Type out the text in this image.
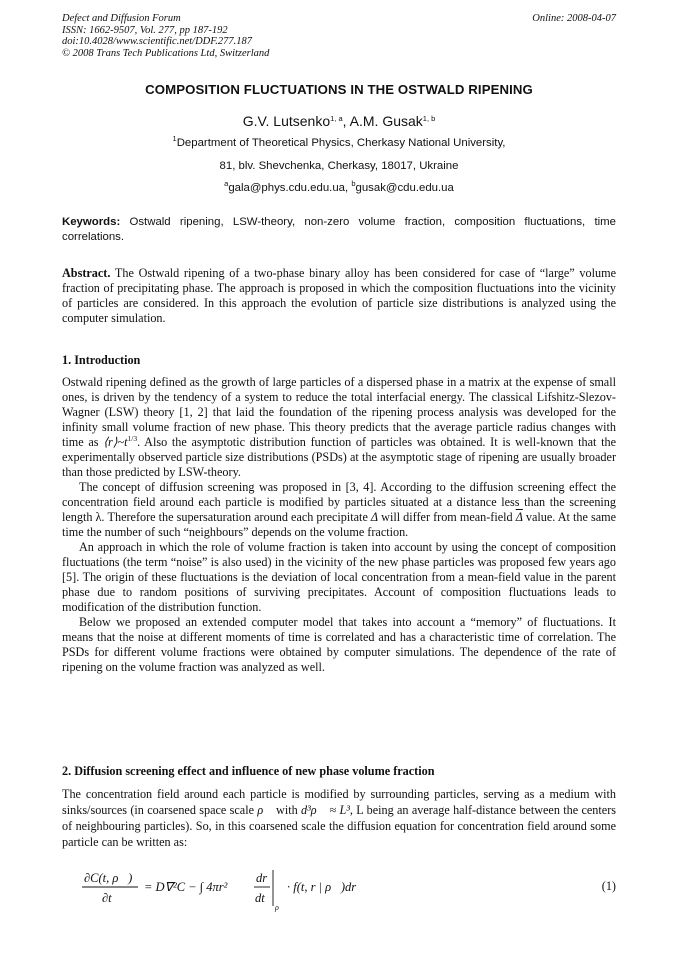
Defect and Diffusion Forum
ISSN: 1662-9507, Vol. 277, pp 187-192
doi:10.4028/www.scientific.net/DDF.277.187
© 2008 Trans Tech Publications Ltd, Switzerland
Online: 2008-04-07
COMPOSITION FLUCTUATIONS IN THE OSTWALD RIPENING
G.V. Lutsenko$^{1, a}$, A.M. Gusak$^{1, b}$
$^1$Department of Theoretical Physics, Cherkasy National University,
81, blv. Shevchenka, Cherkasy, 18017, Ukraine
$^a$gala@phys.cdu.edu.ua, $^b$gusak@cdu.edu.ua
Keywords: Ostwald ripening, LSW-theory, non-zero volume fraction, composition fluctuations, time correlations.

Abstract. The Ostwald ripening of a two-phase binary alloy has been considered for case of “large” volume fraction of precipitating phase. The approach is proposed in which the composition fluctuations into the vicinity of particles are considered. In this approach the evolution of particle size distributions is analyzed using the computer simulation.

1. Introduction

Ostwald ripening defined as the growth of large particles of a dispersed phase in a matrix at the expense of small ones, is driven by the tendency of a system to reduce the total interfacial energy. The classical Lifshitz-Slezov-Wagner (LSW) theory [1, 2] that laid the foundation of the ripening process analysis was developed for the infinity small volume fraction of new phase. This theory predicts that the average particle radius changes with time as $⟨r⟩\sim t^{1/3}$. Also the asymptotic distribution function of particles was obtained. It is well-known that the experimentally observed particle size distributions (PSDs) at the asymptotic stage of ripening are usually broader than those predicted by LSW-theory.

The concept of diffusion screening was proposed in [3, 4]. According to the diffusion screening effect the concentration field around each particle is modified by particles situated at a distance less than the screening length λ. Therefore the supersaturation around each precipitate Δ will differ from mean-field $\overline{\Delta}$ value. At the same time the number of such “neighbours” depends on the volume fraction.

An approach in which the role of volume fraction is taken into account by using the concept of composition fluctuations (the term “noise” is also used) in the vicinity of the new phase particles was proposed few years ago [5]. The origin of these fluctuations is the deviation of local concentration from a mean-field value in the parent phase due to random positions of surviving precipitates. Account of composition fluctuations leads to modification of the distribution function.

Below we proposed an extended computer model that takes into account a “memory” of fluctuations. It means that the noise at different moments of time is correlated and has a characteristic time of correlation. The PSDs for different volume fractions were obtained by computer simulations. The dependence of the rate of ripening on the volume fraction was analyzed as well.

2. Diffusion screening effect and influence of new phase volume fraction

The concentration field around each particle is modified by surrounding particles, serving as a medium with sinks/sources (in coarsened space scale ρ⃗ with d³ρ⃗ ≈ L³, L being an average half-distance between the centers of neighbouring particles). So, in this coarsened scale the diffusion equation for concentration field around some particle can be written as:

∂C(t, ρ⃗)
∂t
= D∇²C − ∫ 4πr²
dr
dt
ρ
· f(t, r | ρ⃗)dr	(1)
